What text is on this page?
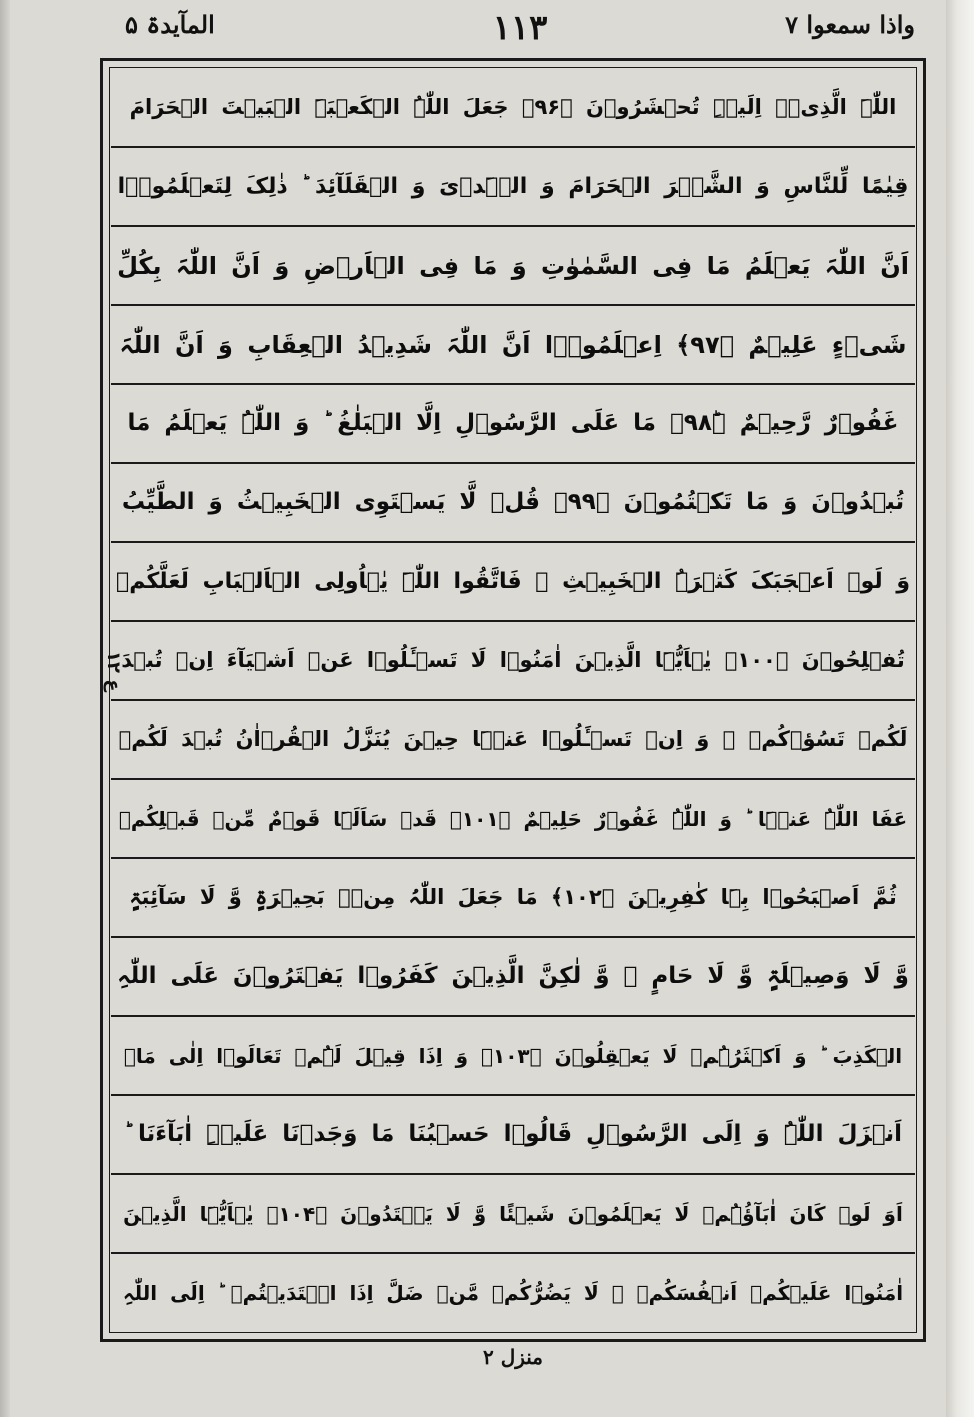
المآیدۃ ۵	۱۱۳	واذا سمعوا ۷
اللّٰہَ الَّذِیۡۤ اِلَیۡہِ تُحۡشَرُوۡنَ ﴿۹۶﴾ جَعَلَ اللّٰہُ الۡکَعۡبَۃَ الۡبَیۡتَ الۡحَرَامَ
قِیٰمًا لِّلنَّاسِ وَ الشَّہۡرَ الۡحَرَامَ وَ الۡہَدۡیَ وَ الۡقَلَآئِدَ ؕ ذٰلِکَ لِتَعۡلَمُوۡۤا
اَنَّ اللّٰہَ یَعۡلَمُ مَا فِی السَّمٰوٰتِ وَ مَا فِی الۡاَرۡضِ وَ اَنَّ اللّٰہَ بِکُلِّ
شَیۡءٍ عَلِیۡمٌ ﴿۹۷﴾ اِعۡلَمُوۡۤا اَنَّ اللّٰہَ شَدِیۡدُ الۡعِقَابِ وَ اَنَّ اللّٰہَ
غَفُوۡرٌ رَّحِیۡمٌ ﴿ؕ۹۸﴾ مَا عَلَی الرَّسُوۡلِ اِلَّا الۡبَلٰغُ ؕ وَ اللّٰہُ یَعۡلَمُ مَا
تُبۡدُوۡنَ وَ مَا تَکۡتُمُوۡنَ ﴿۹۹﴾ قُلۡ لَّا یَسۡتَوِی الۡخَبِیۡثُ وَ الطَّیِّبُ
وَ لَوۡ اَعۡجَبَکَ کَثۡرَۃُ الۡخَبِیۡثِ ۚ فَاتَّقُوا اللّٰہَ یٰۤاُولِی الۡاَلۡبَابِ لَعَلَّکُمۡ
تُفۡلِحُوۡنَ ﴿۱۰۰﴾ یٰۤاَیُّہَا الَّذِیۡنَ اٰمَنُوۡا لَا تَسۡـَٔلُوۡا عَنۡ اَشۡیَآءَ اِنۡ تُبۡدَ
لَکُمۡ تَسُؤۡکُمۡ ۚ وَ اِنۡ تَسۡـَٔلُوۡا عَنۡہَا حِیۡنَ یُنَزَّلُ الۡقُرۡاٰنُ تُبۡدَ لَکُمۡ
عَفَا اللّٰہُ عَنۡہَا ؕ وَ اللّٰہُ غَفُوۡرٌ حَلِیۡمٌ ﴿۱۰۱﴾ قَدۡ سَاَلَہَا قَوۡمٌ مِّنۡ قَبۡلِکُمۡ
ثُمَّ اَصۡبَحُوۡا بِہَا کٰفِرِیۡنَ ﴿۱۰۲﴾ مَا جَعَلَ اللّٰہُ مِنۡۢ بَحِیۡرَۃٍ وَّ لَا سَآئِبَۃٍ
وَّ لَا وَصِیۡلَۃٍ وَّ لَا حَامٍ ۙ وَّ لٰکِنَّ الَّذِیۡنَ کَفَرُوۡا یَفۡتَرُوۡنَ عَلَی اللّٰہِ
الۡکَذِبَ ؕ وَ اَکۡثَرُہُمۡ لَا یَعۡقِلُوۡنَ ﴿۱۰۳﴾ وَ اِذَا قِیۡلَ لَہُمۡ تَعَالَوۡا اِلٰی مَاۤ
اَنۡزَلَ اللّٰہُ وَ اِلَی الرَّسُوۡلِ قَالُوۡا حَسۡبُنَا مَا وَجَدۡنَا عَلَیۡہِ اٰبَآءَنَا ؕ
اَوَ لَوۡ کَانَ اٰبَآؤُہُمۡ لَا یَعۡلَمُوۡنَ شَیۡئًا وَّ لَا یَہۡتَدُوۡنَ ﴿۱۰۴﴾ یٰۤاَیُّہَا الَّذِیۡنَ
اٰمَنُوۡا عَلَیۡکُمۡ اَنۡفُسَکُمۡ ۚ لَا یَضُرُّکُمۡ مَّنۡ ضَلَّ اِذَا اہۡتَدَیۡتُمۡ ؕ اِلَی اللّٰہِ
۱۲ ع
منزل ۲
